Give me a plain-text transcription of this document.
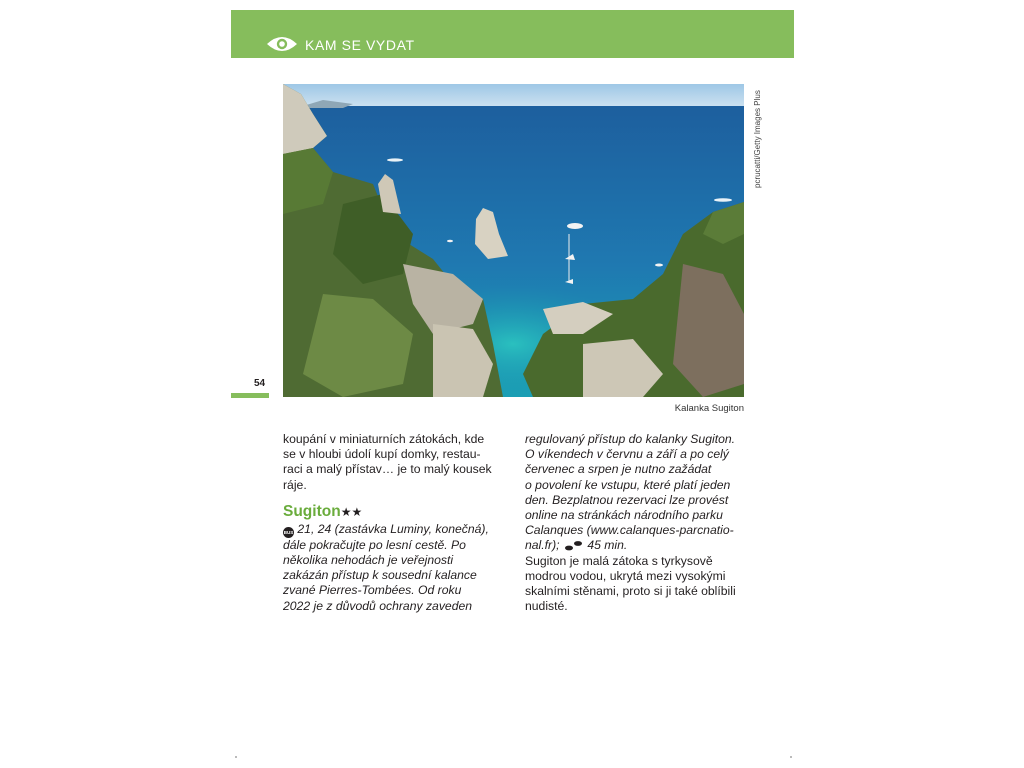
KAM SE VYDAT
pcrucatti/Getty Images Plus
54
Kalanka Sugiton

koupání v miniaturních zátokách, kde

se v hloubi údolí kupí domky, restau-

raci a malý přístav… je to malý kousek

ráje.

Sugiton★★

BUS 21, 24 (zastávka Luminy, konečná),

dále pokračujte po lesní cestě. Po

několika nehodách je veřejnosti

zakázán přístup k sousední kalance

zvané Pierres-Tombées. Od roku

2022 je z důvodů ochrany zaveden

regulovaný přístup do kalanky Sugiton.

O víkendech v červnu a září a po celý

červenec a srpen je nutno zažádat

o povolení ke vstupu, které platí jeden

den. Bezplatnou rezervaci lze provést

online na stránkách národního parku

Calanques (www.calanques-parcnatio-

nal.fr);  45 min.

Sugiton je malá zátoka s tyrkysově

modrou vodou, ukrytá mezi vysokými

skalními stěnami, proto si ji také oblíbili

nudisté.
